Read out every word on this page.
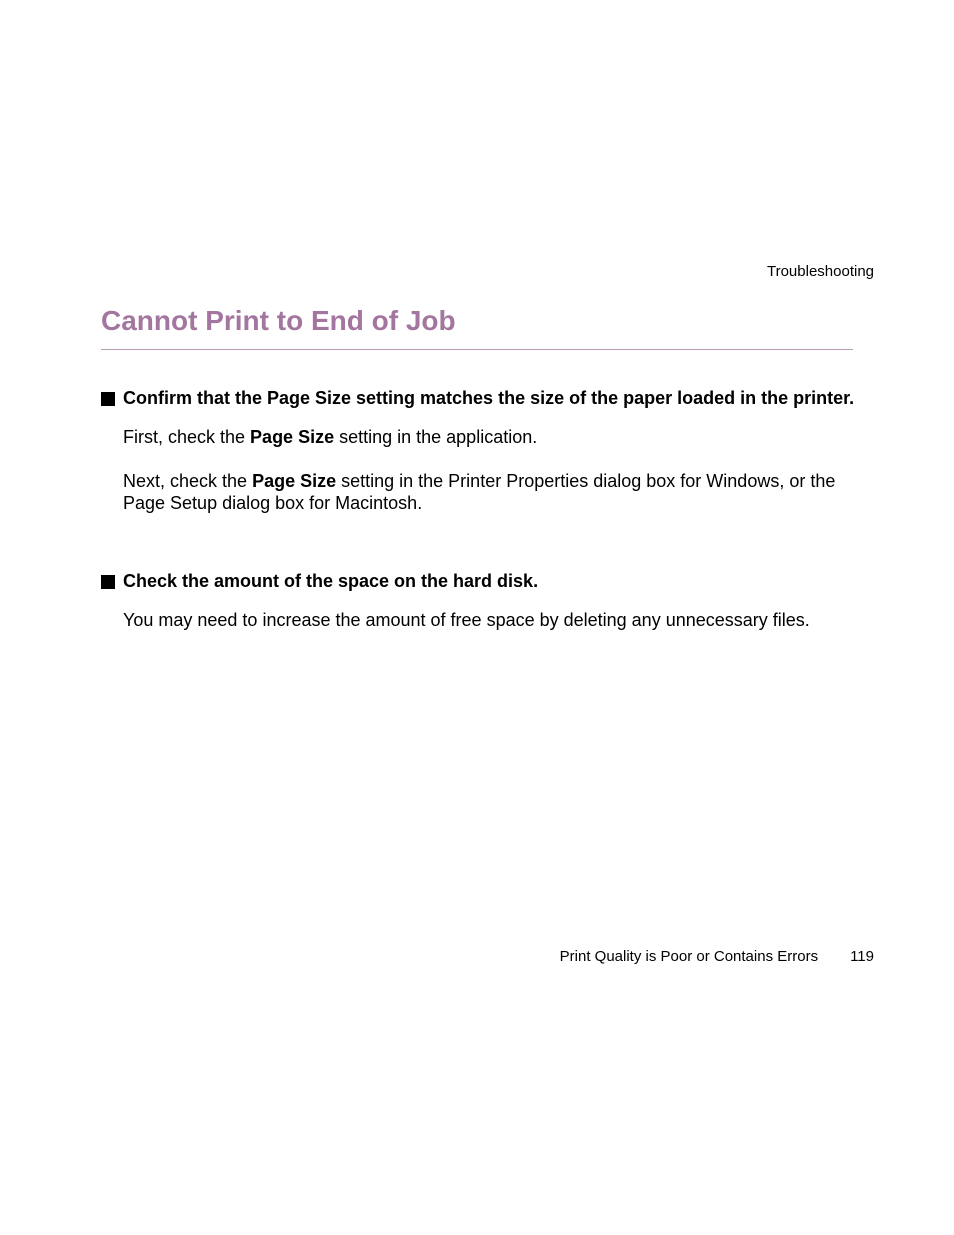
Troubleshooting
Cannot Print to End of Job
Confirm that the Page Size setting matches the size of the paper loaded in the printer.

First, check the Page Size setting in the application.

Next, check the Page Size setting in the Printer Properties dialog box for Windows, or the Page Setup dialog box for Macintosh.

Check the amount of the space on the hard disk.

You may need to increase the amount of free space by deleting any unnecessary files.

Print Quality is Poor or Contains Errors 119
